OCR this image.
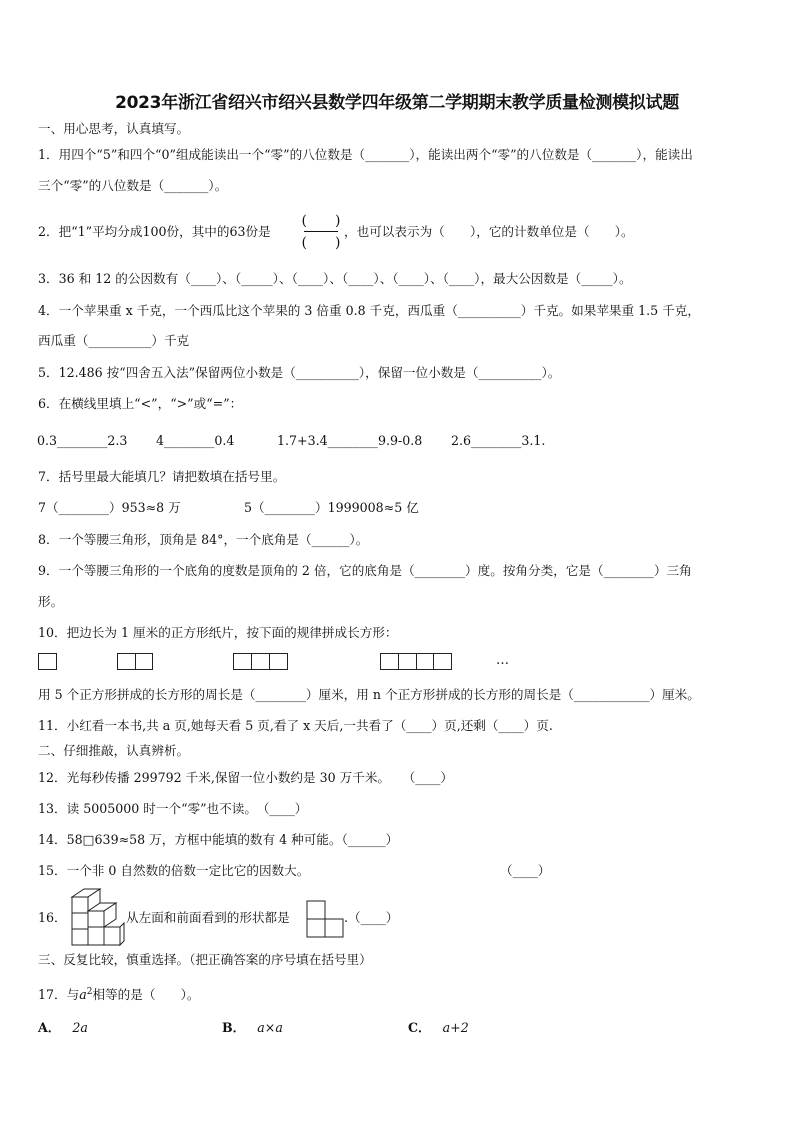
2023年浙江省绍兴市绍兴县数学四年级第二学期期末教学质量检测模拟试题
一、用心思考，认真填写。
1．用四个“5”和四个“0”组成能读出一个“零”的八位数是（_______），能读出两个“零”的八位数是（_______），能读出
三个“零”的八位数是（_______）。
2．把“1”平均分成100份，其中的63份是
(　　)
(　　)
，也可以表示为（　　），它的计数单位是（　　）。
3．36 和 12 的公因数有（____）、（_____）、（____）、（____）、（____）、（____），最大公因数是（_____）。
4．一个苹果重 x 千克，一个西瓜比这个苹果的 3 倍重 0.8 千克，西瓜重（__________）千克。如果苹果重 1.5 千克，
西瓜重（__________）千克
5．12.486 按“四舍五入法”保留两位小数是（__________），保留一位小数是（__________）。
6．在横线里填上“<”，“>”或“=”：
0.3________2.3 4________0.4	1.7+3.4________9.9-0.8 2.6________3.1.
7．括号里最大能填几？请把数填在括号里。
7（________）953≈8 万	5（________）1999008≈5 亿
8．一个等腰三角形，顶角是 84°，一个底角是（______）。
9．一个等腰三角形的一个底角的度数是顶角的 2 倍，它的底角是（________）度。按角分类，它是（________）三角
形。
10．把边长为 1 厘米的正方形纸片，按下面的规律拼成长方形：
…
用 5 个正方形拼成的长方形的周长是（________）厘米，用 n 个正方形拼成的长方形的周长是（____________）厘米。
11．小红看一本书,共 a 页,她每天看 5 页,看了 x 天后,一共看了（____）页,还剩（____）页.
二、仔细推敲，认真辨析。
12．光每秒传播 299792 千米,保留一位小数约是 30 万千米。　　（____）
13．读 5005000 时一个“零”也不读。　（____）
14．58□639≈58 万，方框中能填的数有 4 种可能。（______）
15．一个非 0 自然数的倍数一定比它的因数大。	（____）
16．	从左面和前面看到的形状都是	.（____）
三、反复比较，慎重选择。（把正确答案的序号填在括号里）
17．与$a^2$相等的是（　　）。
A． 2a	B． a×a	C． a+2
